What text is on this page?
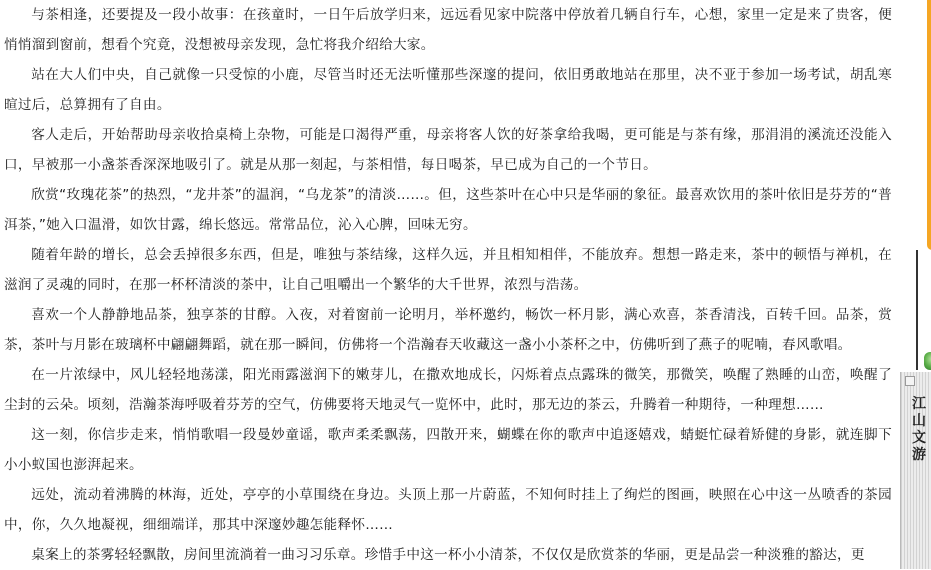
与茶相逢，还要提及一段小故事：在孩童时，一日午后放学归来，远远看见家中院落中停放着几辆自行车，心想，家里一定是来了贵客，便悄悄溜到窗前，想看个究竟，没想被母亲发现，急忙将我介绍给大家。

站在大人们中央，自己就像一只受惊的小鹿，尽管当时还无法听懂那些深邃的提问，依旧勇敢地站在那里，决不亚于参加一场考试，胡乱寒暄过后，总算拥有了自由。

客人走后，开始帮助母亲收拾桌椅上杂物，可能是口渴得严重，母亲将客人饮的好茶拿给我喝，更可能是与茶有缘，那涓涓的溪流还没能入口，早被那一小盏茶香深深地吸引了。就是从那一刻起，与茶相惜，每日喝茶，早已成为自己的一个节日。

欣赏“玫瑰花茶”的热烈，“龙井茶”的温润，“乌龙茶”的清淡……。但，这些茶叶在心中只是华丽的象征。最喜欢饮用的茶叶依旧是芬芳的“普洱茶，”她入口温滑，如饮甘露，绵长悠远。常常品位，沁入心脾，回味无穷。

随着年龄的增长，总会丢掉很多东西，但是，唯独与茶结缘，这样久远，并且相知相伴，不能放弃。想想一路走来，茶中的顿悟与禅机，在滋润了灵魂的同时，在那一杯杯清淡的茶中，让自己咀嚼出一个繁华的大千世界，浓烈与浩荡。

喜欢一个人静静地品茶，独享茶的甘醇。入夜，对着窗前一论明月，举杯邀约，畅饮一杯月影，满心欢喜，茶香清浅，百转千回。品茶，赏茶，茶叶与月影在玻璃杯中翩翩舞蹈，就在那一瞬间，仿佛将一个浩瀚春天收藏这一盏小小茶杯之中，仿佛听到了燕子的呢喃，春风歌唱。

在一片浓绿中，风儿轻轻地荡漾，阳光雨露滋润下的嫩芽儿，在撒欢地成长，闪烁着点点露珠的微笑，那微笑，唤醒了熟睡的山峦，唤醒了尘封的云朵。顷刻，浩瀚茶海呼吸着芬芳的空气，仿佛要将天地灵气一览怀中，此时，那无边的茶云，升腾着一种期待，一种理想……

这一刻，你信步走来，悄悄歌唱一段曼妙童谣，歌声柔柔飘荡，四散开来，蝴蝶在你的歌声中追逐嬉戏，蜻蜓忙碌着矫健的身影，就连脚下小小蚁国也澎湃起来。

远处，流动着沸腾的林海，近处，亭亭的小草围绕在身边。头顶上那一片蔚蓝，不知何时挂上了绚烂的图画，映照在心中这一丛喷香的茶园中，你，久久地凝视，细细端详，那其中深邃妙趣怎能释怀……

桌案上的茶雾轻轻飘散，房间里流淌着一曲习习乐章。珍惜手中这一杯小小清茶，不仅仅是欣赏茶的华丽，更是品尝一种淡雅的豁达，更

江山文游
